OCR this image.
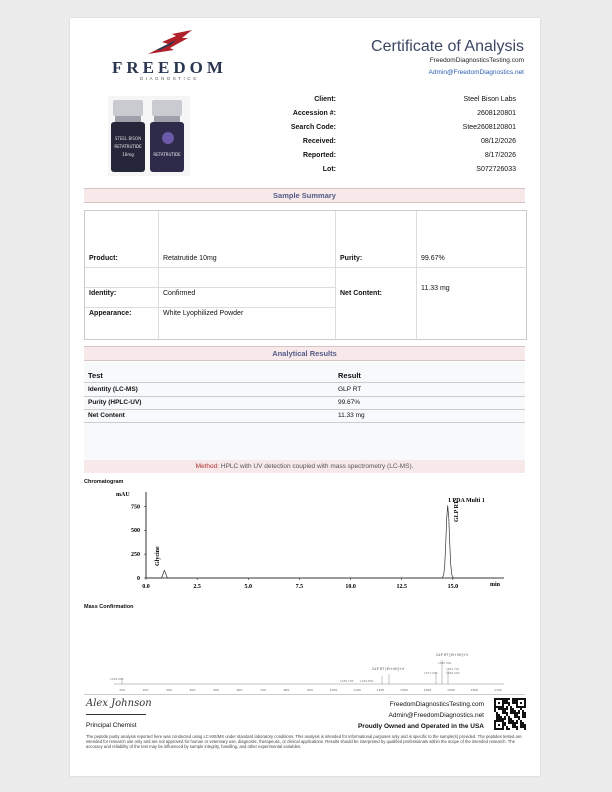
FREEDOM
DIAGNOSTICS
Certificate of Analysis
FreedomDiagnosticsTesting.com
Admin@FreedomDiagnostics.net
STEEL BISON
RETATRUTIDE
10mg	RETATRUTIDE
Client:	Steel Bison Labs
Accession #:	2608120801
Search Code:	Stee2608120801
Received:	08/12/2026
Reported:	8/17/2026
Lot:	S072726033
Sample Summary
Product:	Retatrutide 10mg	Purity:	99.67%
Identity:	Confirmed	Net Content:
11.33 mg
Appearance:	White Lyophilized Powder
Analytical Results
Test	Result
Identity (LC-MS)	GLP RT
Purity (HPLC-UV)	99.67%
Net Content	11.33 mg
Method: HPLC with UV detection coupled with mass spectrometry (LC-MS).
Chromatogram
0
250
500
750
0.0	2.5	5.0	7.5	10.0	12.5	15.0
mAU
1 PDA Multi 1
min
Glycine
GLP RT
Mass Confirmation
100	200	300	400	500	600	700	800	900	1000	1100	1200	1300	1400	1500	1600	1700
GLP RT [M+4H]+4
GLP RT [M+3H]+3
1228.000	1189.700 1169.800
1377.200
1590.300
1581.701
1596.200
Alex Johnson
Principal Chemist
FreedomDiagnosticsTesting.com
Admin@FreedomDiagnostics.net
Proudly Owned and Operated in the USA
The peptide purity analysis reported here was conducted using LC-MS/MS under standard laboratory conditions. This analysis is intended for informational purposes only and is specific to the sample(s) provided. The peptides tested are intended for research use only and are not approved for human or veterinary use, diagnostic, therapeutic, or clinical applications. Results should be interpreted by qualified professionals within the scope of the intended research. The accuracy and reliability of the test may be influenced by sample integrity, handling, and other experimental variables.
